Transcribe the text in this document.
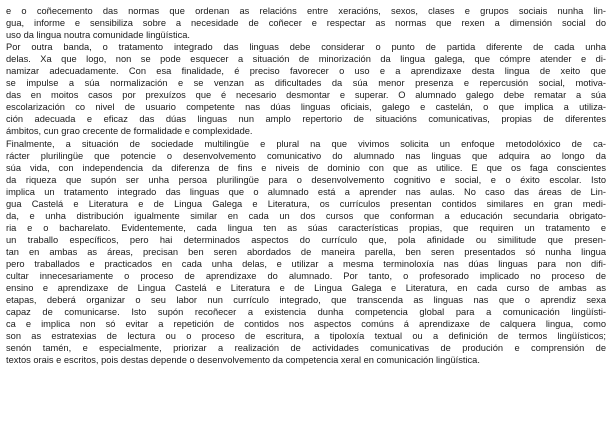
e o coñecemento das normas que ordenan as relacións entre xeracións, sexos, clases e grupos sociais nunha lin-
gua, informe e sensibiliza sobre a necesidade de coñecer e respectar as normas que rexen a dimensión social do
uso da lingua noutra comunidade lingüística.
Por outra banda, o tratamento integrado das linguas debe considerar o punto de partida diferente de cada unha
delas. Xa que logo, non se pode esquecer a situación de minorización da lingua galega, que cómpre atender e di-
namizar adecuadamente. Con esa finalidade, é preciso favorecer o uso e a aprendizaxe desta lingua de xeito que
se impulse a súa normalización e se venzan as dificultades da súa menor presenza e repercusión social, motiva-
das en moitos casos por prexuízos que é necesario desmontar e superar. O alumnado galego debe rematar a súa
escolarización co nivel de usuario competente nas dúas linguas oficiais, galego e castelán, o que implica a utiliza-
ción adecuada e eficaz das dúas linguas nun amplo repertorio de situacións comunicativas, propias de diferentes
ámbitos, cun grao crecente de formalidade e complexidade.
Finalmente, a situación de sociedade multilingüe e plural na que vivimos solicita un enfoque metodolóxico de ca-
rácter plurilingüe que potencie o desenvolvemento comunicativo do alumnado nas linguas que adquira ao longo da
súa vida, con independencia da diferenza de fins e niveis de dominio con que as utilice. E que os faga conscientes
da riqueza que supón ser unha persoa plurilingüe para o desenvolvemento cognitivo e social, e o éxito escolar. Isto
implica un tratamento integrado das linguas que o alumnado está a aprender nas aulas. No caso das áreas de Lin-
gua Castelá e Literatura e de Lingua Galega e Literatura, os currículos presentan contidos similares en gran medi-
da, e unha distribución igualmente similar en cada un dos cursos que conforman a educación secundaria obrigato-
ria e o bacharelato. Evidentemente, cada lingua ten as súas características propias, que requiren un tratamento e
un traballo específicos, pero hai determinados aspectos do currículo que, pola afinidade ou similitude que presen-
tan en ambas as áreas, precisan ben seren abordados de maneira parella, ben seren presentados só nunha lingua
pero traballados e practicados en cada unha delas, e utilizar a mesma terminoloxía nas dúas linguas para non difi-
cultar innecesariamente o proceso de aprendizaxe do alumnado. Por tanto, o profesorado implicado no proceso de
ensino e aprendizaxe de Lingua Castelá e Literatura e de Lingua Galega e Literatura, en cada curso de ambas as
etapas, deberá organizar o seu labor nun currículo integrado, que transcenda as linguas nas que o aprendiz sexa
capaz de comunicarse. Isto supón recoñecer a existencia dunha competencia global para a comunicación lingüísti-
ca e implica non só evitar a repetición de contidos nos aspectos comúns á aprendizaxe de calquera lingua, como
son as estratexias de lectura ou o proceso de escritura, a tipoloxía textual ou a definición de termos lingüísticos;
senón tamén, e especialmente, priorizar a realización de actividades comunicativas de produción e comprensión de
textos orais e escritos, pois destas depende o desenvolvemento da competencia xeral en comunicación lingüística.
